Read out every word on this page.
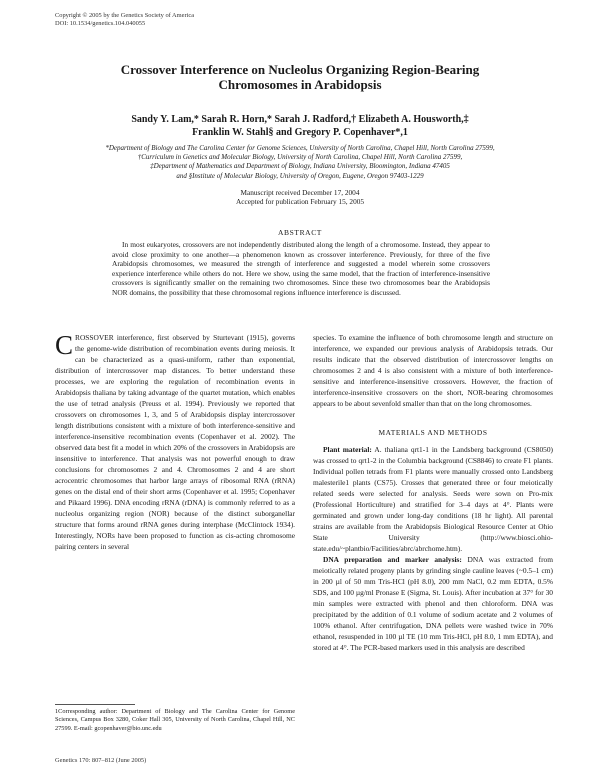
Copyright © 2005 by the Genetics Society of America
DOI: 10.1534/genetics.104.040055
Crossover Interference on Nucleolus Organizing Region-Bearing
Chromosomes in Arabidopsis
Sandy Y. Lam,* Sarah R. Horn,* Sarah J. Radford,† Elizabeth A. Housworth,‡
Franklin W. Stahl§ and Gregory P. Copenhaver*,1
*Department of Biology and The Carolina Center for Genome Sciences, University of North Carolina, Chapel Hill, North Carolina 27599,
†Curriculum in Genetics and Molecular Biology, University of North Carolina, Chapel Hill, North Carolina 27599,
‡Department of Mathematics and Department of Biology, Indiana University, Bloomington, Indiana 47405
and §Institute of Molecular Biology, University of Oregon, Eugene, Oregon 97403-1229
Manuscript received December 17, 2004
Accepted for publication February 15, 2005
ABSTRACT
In most eukaryotes, crossovers are not independently distributed along the length of a chromosome. Instead, they appear to avoid close proximity to one another—a phenomenon known as crossover interference. Previously, for three of the five Arabidopsis chromosomes, we measured the strength of interference and suggested a model wherein some crossovers experience interference while others do not. Here we show, using the same model, that the fraction of interference-insensitive crossovers is significantly smaller on the remaining two chromosomes. Since these two chromosomes bear the Arabidopsis NOR domains, the possibility that these chromosomal regions influence interference is discussed.

CROSSOVER interference, first observed by Sturtevant (1915), governs the genome-wide distribution of recombination events during meiosis. It can be characterized as a quasi-uniform, rather than exponential, distribution of intercrossover map distances. To better understand these processes, we are exploring the regulation of recombination events in Arabidopsis thaliana by taking advantage of the quartet mutation, which enables the use of tetrad analysis (Preuss et al. 1994). Previously we reported that crossovers on chromosomes 1, 3, and 5 of Arabidopsis display intercrossover length distributions consistent with a mixture of both interference-sensitive and interference-insensitive recombination events (Copenhaver et al. 2002). The observed data best fit a model in which 20% of the crossovers in Arabidopsis are insensitive to interference. That analysis was not powerful enough to draw conclusions for chromosomes 2 and 4. Chromosomes 2 and 4 are short acrocentric chromosomes that harbor large arrays of ribosomal RNA (rRNA) genes on the distal end of their short arms (Copenhaver et al. 1995; Copenhaver and Pikaard 1996). DNA encoding rRNA (rDNA) is commonly referred to as a nucleolus organizing region (NOR) because of the distinct suborganellar structure that forms around rRNA genes during interphase (McClintock 1934). Interestingly, NORs have been proposed to function as cis-acting chromosome pairing centers in several

species. To examine the influence of both chromosome length and structure on interference, we expanded our previous analysis of Arabidopsis tetrads. Our results indicate that the observed distribution of intercrossover lengths on chromosomes 2 and 4 is also consistent with a mixture of both interference-sensitive and interference-insensitive crossovers. However, the fraction of interference-insensitive crossovers on the short, NOR-bearing chromosomes appears to be about sevenfold smaller than that on the long chromosomes.

MATERIALS AND METHODS

Plant material: A. thaliana qrt1-1 in the Landsberg background (CS8050) was crossed to qrt1-2 in the Columbia background (CS8846) to create F1 plants. Individual pollen tetrads from F1 plants were manually crossed onto Landsberg malesterile1 plants (CS75). Crosses that generated three or four meiotically related seeds were selected for analysis. Seeds were sown on Pro-mix (Professional Horticulture) and stratified for 3–4 days at 4°. Plants were germinated and grown under long-day conditions (18 hr light). All parental strains are available from the Arabidopsis Biological Resource Center at Ohio State University (http://www.biosci.ohio-state.edu/~plantbio/Facilities/abrc/abrchome.htm).

DNA preparation and marker analysis: DNA was extracted from meiotically related progeny plants by grinding single cauline leaves (~0.5–1 cm) in 200 µl of 50 mm Tris-HCl (pH 8.0), 200 mm NaCl, 0.2 mm EDTA, 0.5% SDS, and 100 µg/ml Pronase E (Sigma, St. Louis). After incubation at 37° for 30 min samples were extracted with phenol and then chloroform. DNA was precipitated by the addition of 0.1 volume of sodium acetate and 2 volumes of 100% ethanol. After centrifugation, DNA pellets were washed twice in 70% ethanol, resuspended in 100 µl TE (10 mm Tris-HCl, pH 8.0, 1 mm EDTA), and stored at 4°. The PCR-based markers used in this analysis are described

1Corresponding author: Department of Biology and The Carolina Center for Genome Sciences, Campus Box 3280, Coker Hall 305, University of North Carolina, Chapel Hill, NC 27599. E-mail: gcopenhaver@bio.unc.edu
Genetics 170: 807–812 (June 2005)
